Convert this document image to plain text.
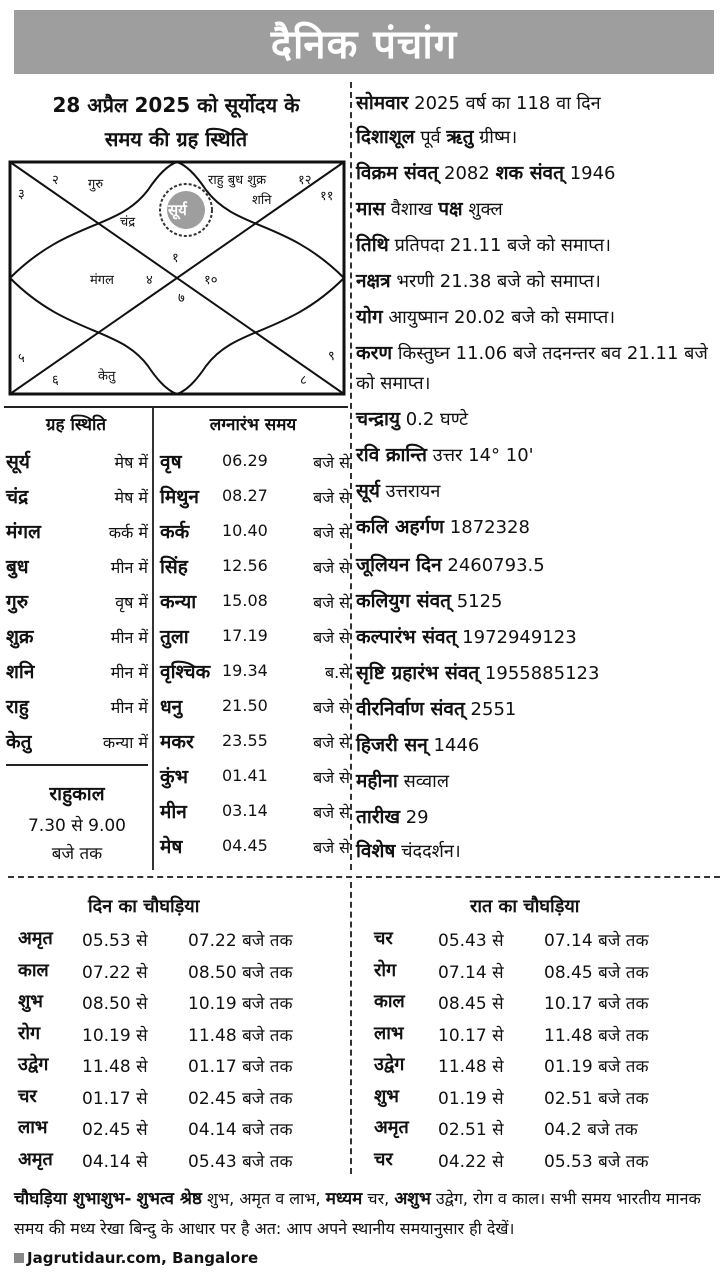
दैनिक पंचांग
28 अप्रैल 2025 को सूर्योदय के
समय की ग्रह स्थिति
सूर्य
३
२ गुरु	राहु बुध शुक्र १२
शनि	११
चंद्र
१
मंगल ४	१०
७
५
६	केतु	८
९
ग्रह स्थिति
सूर्य	मेष में
चंद्र	मेष में
मंगल	कर्क में
बुध	मीन में
गुरु	वृष में
शुक्र	मीन में
शनि	मीन में
राहु	मीन में
केतु	कन्या में
राहुकाल
7.30 से 9.00
बजे तक
लग्नारंभ समय
वृष	06.29	बजे से
मिथुन 08.27	बजे से
कर्क 10.40	बजे से
सिंह 12.56	बजे से
कन्या 15.08	बजे से
तुला 17.19	बजे से
वृश्चिक 19.34	ब.से
धनु 21.50	बजे से
मकर 23.55	बजे से
कुंभ 01.41	बजे से
मीन 03.14	बजे से
मेष 04.45	बजे से
सोमवार 2025 वर्ष का 118 वा दिन
दिशाशूल पूर्व ऋतु ग्रीष्म।
विक्रम संवत् 2082 शक संवत् 1946
मास वैशाख पक्ष शुक्ल
तिथि प्रतिपदा 21.11 बजे को समाप्त।
नक्षत्र भरणी 21.38 बजे को समाप्त।
योग आयुष्मान 20.02 बजे को समाप्त।
करण किस्तुघ्न 11.06 बजे तदनन्तर बव 21.11 बजे को समाप्त।
चन्द्रायु 0.2 घण्टे
रवि क्रान्ति उत्तर 14° 10'
सूर्य उत्तरायन
कलि अहर्गण 1872328
जूलियन दिन 2460793.5
कलियुग संवत् 5125
कल्पारंभ संवत् 1972949123
सृष्टि ग्रहारंभ संवत् 1955885123
वीरनिर्वाण संवत् 2551
हिजरी सन् 1446
महीना सव्वाल
तारीख 29
विशेष चंददर्शन।
दिन का चौघड़िया	रात का चौघड़िया
अमृत 05.53 से 07.22 बजे तक
काल 07.22 से 08.50 बजे तक
शुभ 08.50 से 10.19 बजे तक
रोग 10.19 से 11.48 बजे तक
उद्वेग 11.48 से 01.17 बजे तक
चर	01.17 से 02.45 बजे तक
लाभ 02.45 से 04.14 बजे तक
अमृत 04.14 से 05.43 बजे तक
चर	05.43 से 07.14 बजे तक
रोग 07.14 से 08.45 बजे तक
काल 08.45 से 10.17 बजे तक
लाभ 10.17 से 11.48 बजे तक
उद्वेग 11.48 से 01.19 बजे तक
शुभ 01.19 से 02.51 बजे तक
अमृत 02.51 से 04.2 बजे तक
चर	04.22 से 05.53 बजे तक
चौघड़िया शुभाशुभ- शुभत्व श्रेष्ठ शुभ, अमृत व लाभ, मध्यम चर, अशुभ उद्वेग, रोग व काल। सभी समय भारतीय मानक समय की मध्य रेखा बिन्दु के आधार पर है अत: आप अपने स्थानीय समयानुसार ही देखें। Jagrutidaur.com, Bangalore
